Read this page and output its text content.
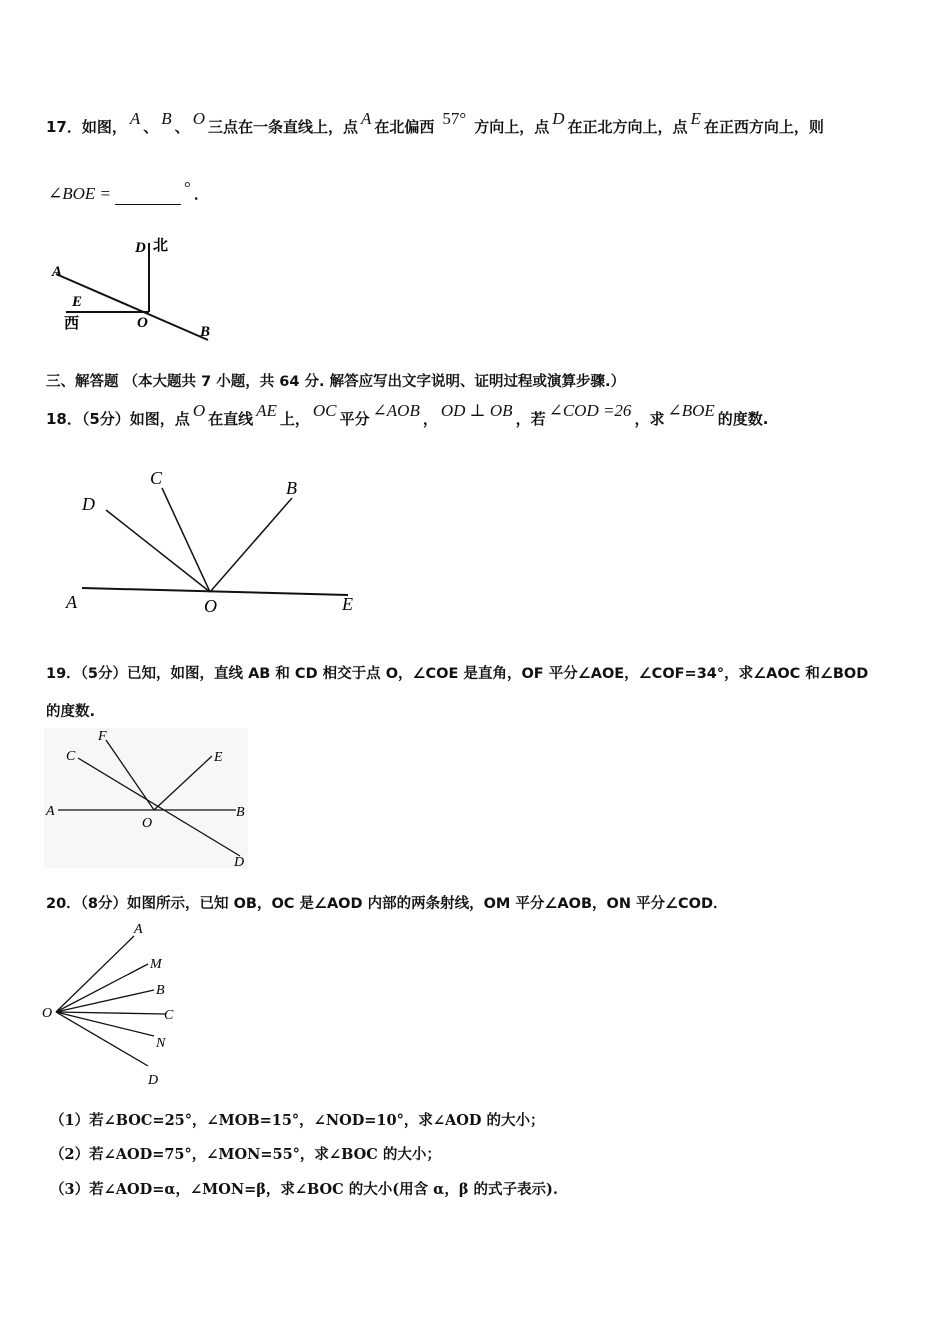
17．如图， A 、 B 、 O 三点在一条直线上，点 A 在北偏西 57° 方向上，点 D 在正北方向上，点 E 在正西方向上，则
∠BOE =	° ．
D 北
A
E
西	O
B
三、解答题 （本大题共 7 小题，共 64 分. 解答应写出文字说明、证明过程或演算步骤.）
18．（5分）如图，点 O 在直线 AE 上， OC 平分 ∠AOB ， OD ⊥ OB ，若 ∠COD =26 ，求 ∠BOE 的度数.
D
C	B
A	O	E
19．（5分）已知，如图，直线 AB 和 CD 相交于点 O，∠COE 是直角，OF 平分∠AOE，∠COF=34°，求∠AOC 和∠BOD
的度数.
C
F
E
A
O
B
D
20．（8分）如图所示，已知 OB，OC 是∠AOD 内部的两条射线，OM 平分∠AOB，ON 平分∠COD．
A
M
B
O	C
N
D
（1）若∠BOC=25°，∠MOB=15°，∠NOD=10°，求∠AOD 的大小；
（2）若∠AOD=75°，∠MON=55°，求∠BOC 的大小；
（3）若∠AOD=α，∠MON=β，求∠BOC 的大小(用含 α，β 的式子表示).
